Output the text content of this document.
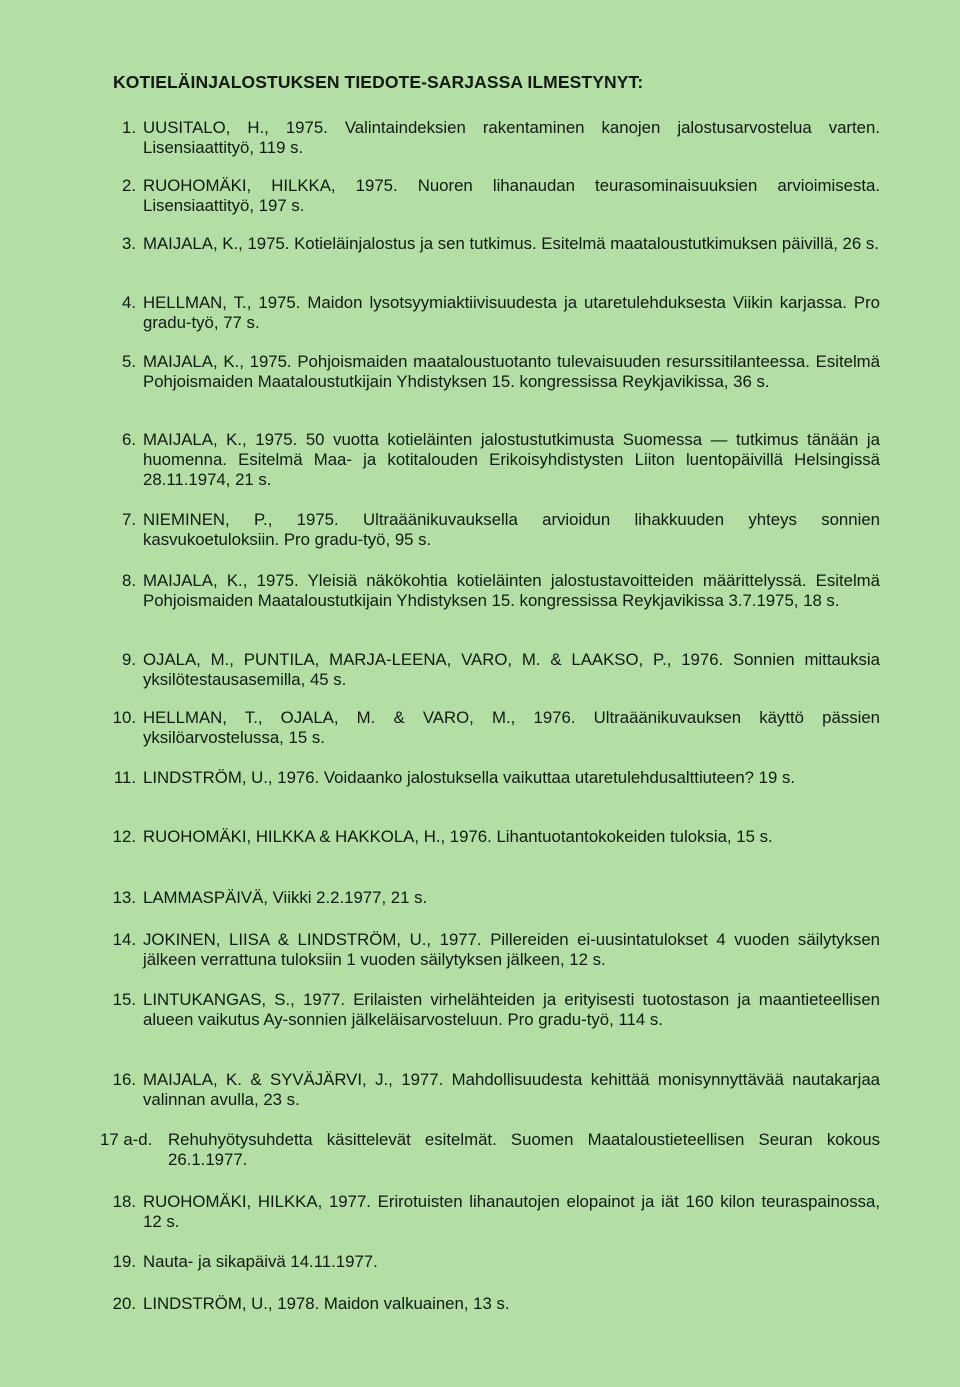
KOTIELÄINJALOSTUKSEN TIEDOTE-SARJASSA ILMESTYNYT:
1. UUSITALO, H., 1975. Valintaindeksien rakentaminen kanojen jalostusarvostelua varten. Lisensiaattityö, 119 s.
2. RUOHOMÄKI, HILKKA, 1975. Nuoren lihanaudan teurasominaisuuksien arvioimisesta. Lisensiaattityö, 197 s.
3. MAIJALA, K., 1975. Kotieläinjalostus ja sen tutkimus. Esitelmä maataloustutkimuksen päivillä, 26 s.
4. HELLMAN, T., 1975. Maidon lysotsyymiaktiivisuudesta ja utaretulehduksesta Viikin karjassa. Pro gradu-työ, 77 s.
5. MAIJALA, K., 1975. Pohjoismaiden maataloustuotanto tulevaisuuden resurssitilanteessa. Esitelmä Pohjoismaiden Maataloustutkijain Yhdistyksen 15. kongressissa Reykjavikissa, 36 s.
6. MAIJALA, K., 1975. 50 vuotta kotieläinten jalostustutkimusta Suomessa — tutkimus tänään ja huomenna. Esitelmä Maa- ja kotitalouden Erikoisyhdistysten Liiton luentopäivillä Helsingissä 28.11.1974, 21 s.
7. NIEMINEN, P., 1975. Ultraäänikuvauksella arvioidun lihakkuuden yhteys sonnien kasvukoetuloksiin. Pro gradu-työ, 95 s.
8. MAIJALA, K., 1975. Yleisiä näkökohtia kotieläinten jalostustavoitteiden määrittelyssä. Esitelmä Pohjoismaiden Maataloustutkijain Yhdistyksen 15. kongressissa Reykjavikissa 3.7.1975, 18 s.
9. OJALA, M., PUNTILA, MARJA-LEENA, VARO, M. & LAAKSO, P., 1976. Sonnien mittauksia yksilötestausasemilla, 45 s.
10. HELLMAN, T., OJALA, M. & VARO, M., 1976. Ultraäänikuvauksen käyttö pässien yksilöarvostelussa, 15 s.
11. LINDSTRÖM, U., 1976. Voidaanko jalostuksella vaikuttaa utaretulehdusalttiuteen? 19 s.
12. RUOHOMÄKI, HILKKA & HAKKOLA, H., 1976. Lihantuotantokokeiden tuloksia, 15 s.
13. LAMMASPÄIVÄ, Viikki 2.2.1977, 21 s.
14. JOKINEN, LIISA & LINDSTRÖM, U., 1977. Pillereiden ei-uusintatulokset 4 vuoden säilytyksen jälkeen verrattuna tuloksiin 1 vuoden säilytyksen jälkeen, 12 s.
15. LINTUKANGAS, S., 1977. Erilaisten virhelähteiden ja erityisesti tuotostason ja maantieteellisen alueen vaikutus Ay-sonnien jälkeläisarvosteluun. Pro gradu-työ, 114 s.
16. MAIJALA, K. & SYVÄJÄRVI, J., 1977. Mahdollisuudesta kehittää monisynnyttävää nautakarjaa valinnan avulla, 23 s.
17 a-d. Rehuhyötysuhdetta käsittelevät esitelmät. Suomen Maataloustieteellisen Seuran kokous 26.1.1977.
18. RUOHOMÄKI, HILKKA, 1977. Erirotuisten lihanautojen elopainot ja iät 160 kilon teuraspainossa, 12 s.
19. Nauta- ja sikapäivä 14.11.1977.
20. LINDSTRÖM, U., 1978. Maidon valkuainen, 13 s.
